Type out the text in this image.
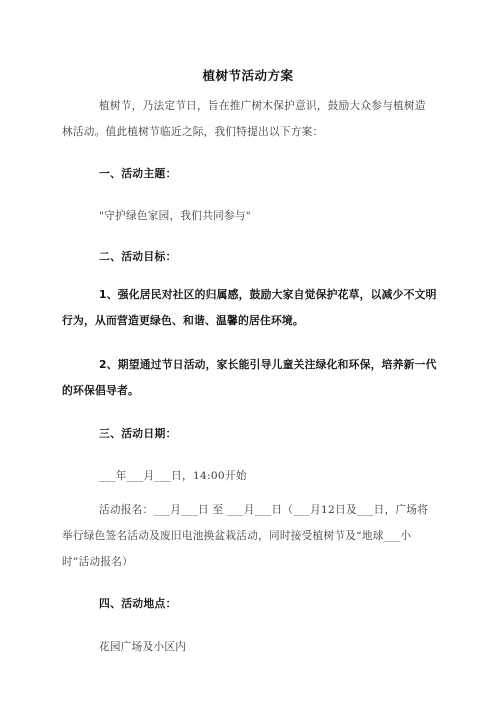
植树节活动方案
植树节，乃法定节日，旨在推广树木保护意识，鼓励大众参与植树造林活动。值此植树节临近之际，我们特提出以下方案：
一、活动主题：
"守护绿色家园，我们共同参与"
二、活动目标：
1、强化居民对社区的归属感，鼓励大家自觉保护花草，以减少不文明行为，从而营造更绿色、和谐、温馨的居住环境。
2、期望通过节日活动，家长能引导儿童关注绿化和环保，培养新一代的环保倡导者。
三、活动日期：
___年___月___日，14:00开始
活动报名：___月___日 至 ___月___日（___月12日及___日，广场将举行绿色签名活动及废旧电池换盆栽活动，同时接受植树节及“地球___小时”活动报名）
四、活动地点：
花园广场及小区内
